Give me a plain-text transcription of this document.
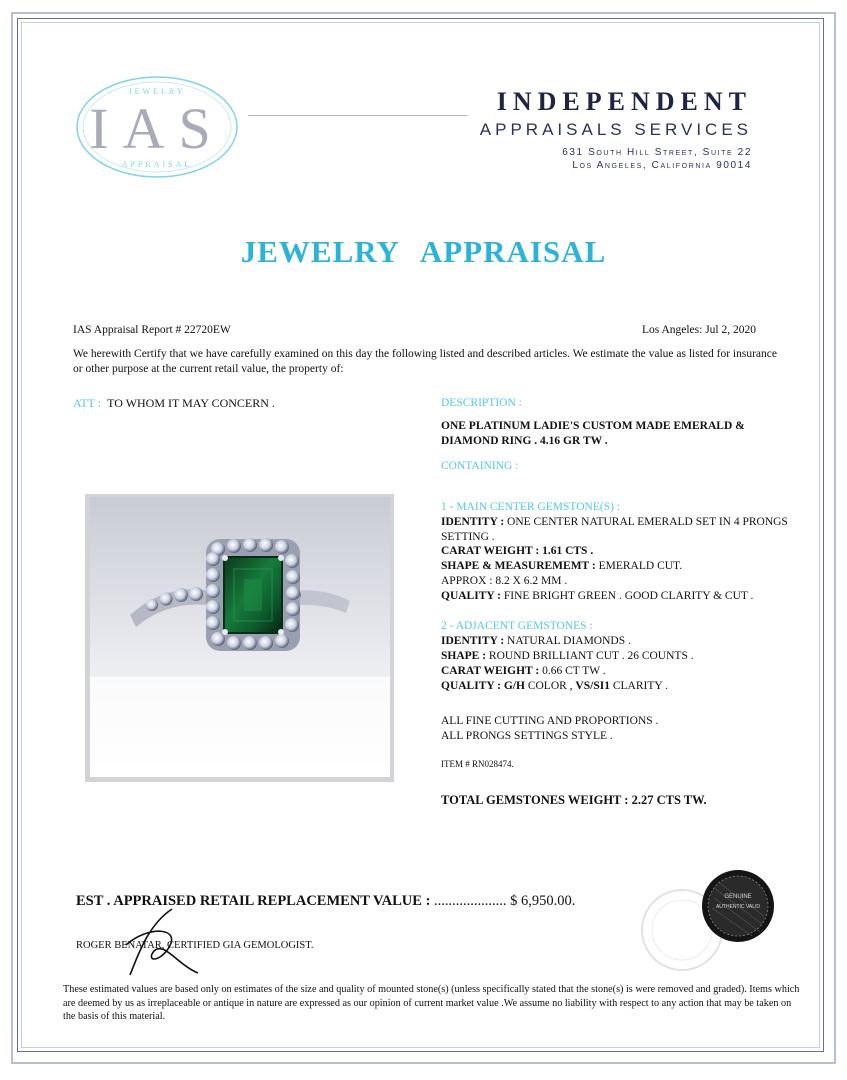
JEWELRY
APPRAISAL
IAS	INDEPENDENT
APPRAISALS SERVICES
631 South Hill Street, Suite 22
Los Angeles, California 90014
JEWELRY APPRAISAL
IAS Appraisal Report # 22720EW	Los Angeles: Jul 2, 2020
We herewith Certify that we have carefully examined on this day the following listed and described articles. We estimate the value as listed for insurance or other purpose at the current retail value, the property of:
ATT : TO WHOM IT MAY CONCERN .	DESCRIPTION :
ONE PLATINUM LADIE'S CUSTOM MADE EMERALD & DIAMOND RING . 4.16 GR TW .
CONTAINING :
1 - MAIN CENTER GEMSTONE(S) :
IDENTITY : ONE CENTER NATURAL EMERALD SET IN 4 PRONGS SETTING .
CARAT WEIGHT : 1.61 CTS .
SHAPE & MEASUREMEMT : EMERALD CUT.
APPROX : 8.2 X 6.2 MM .
QUALITY : FINE BRIGHT GREEN . GOOD CLARITY & CUT .
2 - ADJACENT GEMSTONES :
IDENTITY : NATURAL DIAMONDS .
SHAPE : ROUND BRILLIANT CUT . 26 COUNTS .
CARAT WEIGHT : 0.66 CT TW .
QUALITY : G/H COLOR , VS/SI1 CLARITY .
ALL FINE CUTTING AND PROPORTIONS .
ALL PRONGS SETTINGS STYLE .
ITEM # RN028474.
TOTAL GEMSTONES WEIGHT : 2.27 CTS TW.
EST . APPRAISED RETAIL REPLACEMENT VALUE : .................... $ 6,950.00.
ROGER BENATAR, CERTIFIED GIA GEMOLOGIST.
GENUINE
AUTHENTIC VALID
These estimated values are based only on estimates of the size and quality of mounted stone(s) (unless specifically stated that the stone(s) is were removed and graded). Items which are deemed by us as irreplaceable or antique in nature are expressed as our opinion of current market value .We assume no liability with respect to any action that may be taken on the basis of this material.
